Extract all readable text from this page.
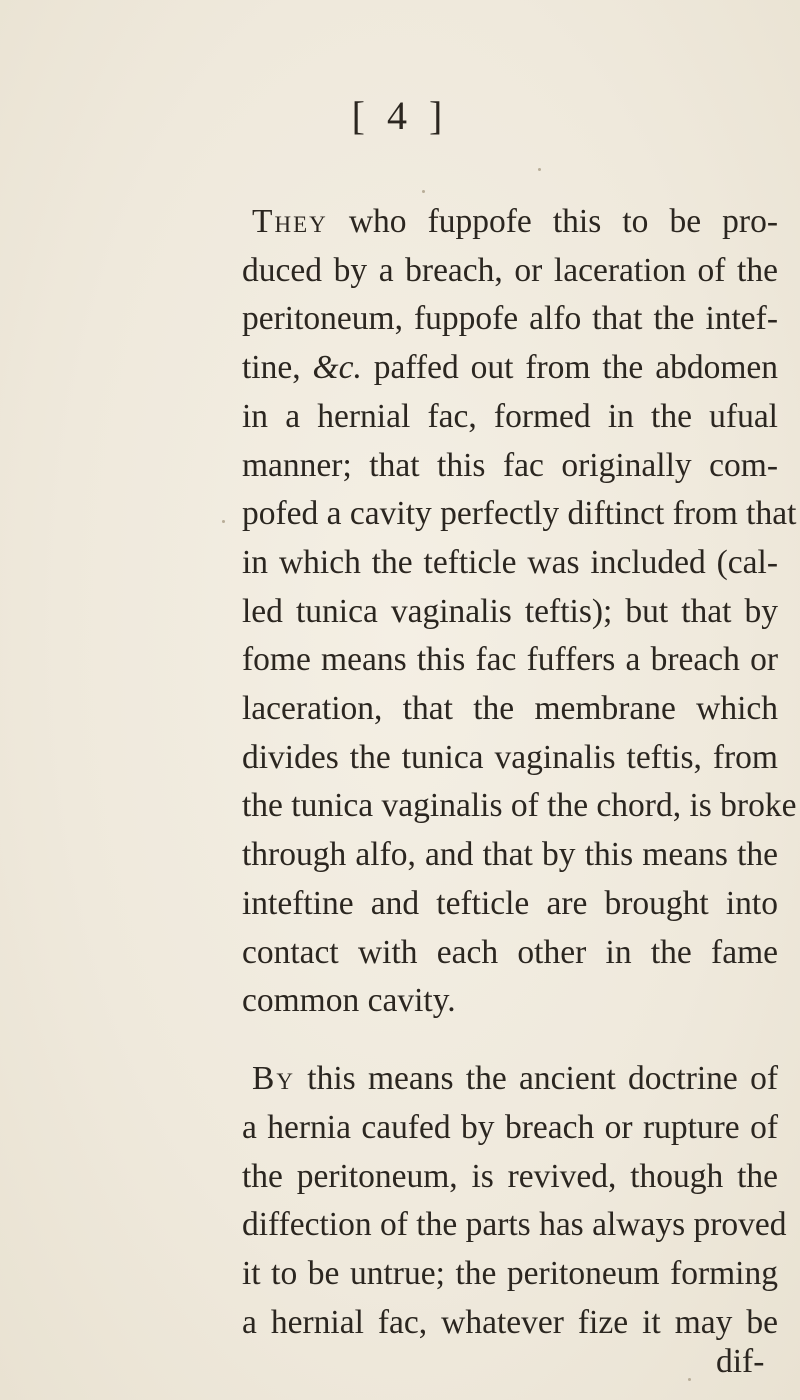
[ 4 ]
They who fuppofe this to be pro-
duced by a breach, or laceration of the
peritoneum, fuppofe alfo that the intef-
tine, &c. paffed out from the abdomen
in a hernial fac, formed in the ufual
manner; that this fac originally com-
pofed a cavity perfectly diftinct from that
in which the tefticle was included (cal-
led tunica vaginalis teftis); but that by
fome means this fac fuffers a breach or
laceration, that the membrane which
divides the tunica vaginalis teftis, from
the tunica vaginalis of the chord, is broke
through alfo, and that by this means the
inteftine and tefticle are brought into
contact with each other in the fame
common cavity.
By this means the ancient doctrine of
a hernia caufed by breach or rupture of
the peritoneum, is revived, though the
diffection of the parts has always proved
it to be untrue; the peritoneum forming
a hernial fac, whatever fize it may be
dif-
